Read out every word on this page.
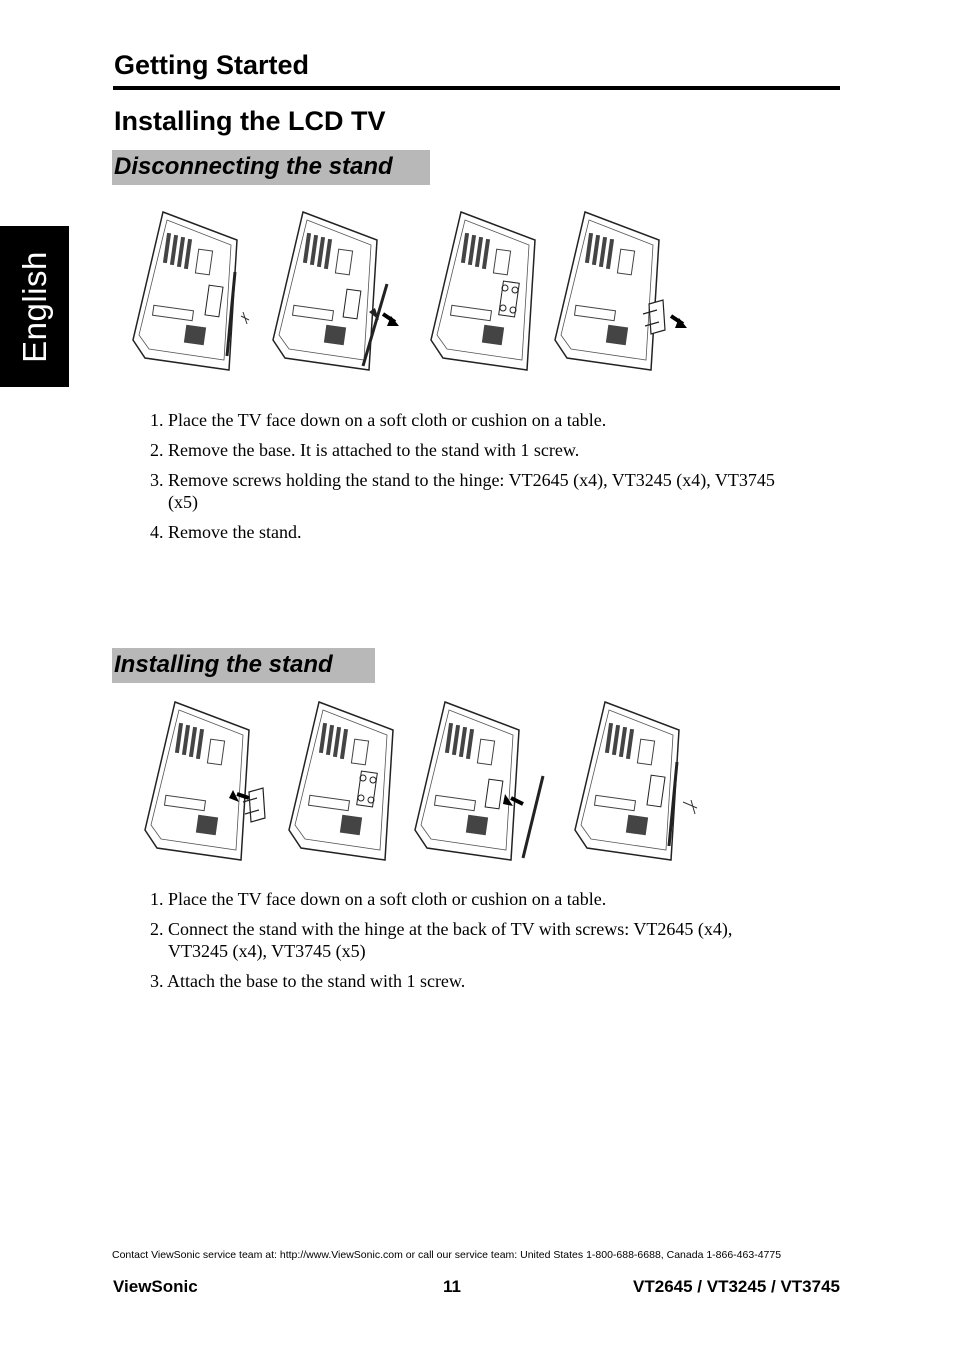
English
Getting Started
Installing the LCD TV
Disconnecting the stand
1. Place the TV face down on a soft cloth or cushion on a table.
2. Remove the base. It is attached to the stand with 1 screw.
3. Remove screws holding the stand to the hinge: VT2645 (x4), VT3245 (x4), VT3745 (x5)
4. Remove the stand.
Installing the stand
1. Place the TV face down on a soft cloth or cushion on a table.
2. Connect the stand with the hinge at the back of TV with screws: VT2645 (x4), VT3245 (x4), VT3745 (x5)
3. Attach the base to the stand with 1 screw.
Contact ViewSonic service team at: http://www.ViewSonic.com or call our service team: United States 1-800-688-6688, Canada 1-866-463-4775
ViewSonic	11	VT2645 / VT3245 / VT3745
